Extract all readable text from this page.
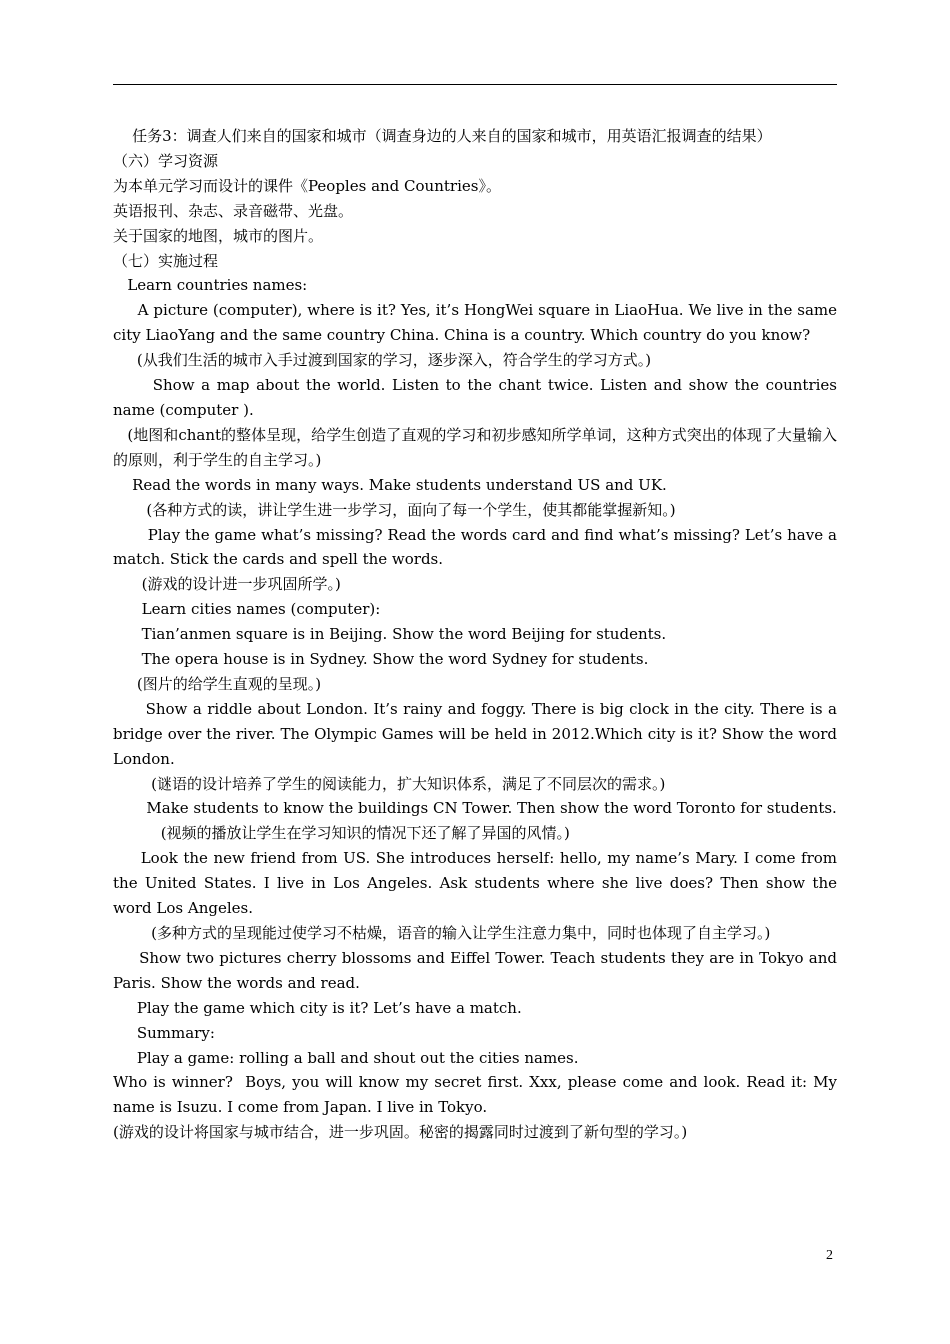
任务3：调查人们来自的国家和城市（调查身边的人来自的国家和城市，用英语汇报调查的结果）

（六）学习资源

为本单元学习而设计的课件《Peoples and Countries》。

英语报刊、杂志、录音磁带、光盘。

关于国家的地图，城市的图片。

（七）实施过程

Learn countries names:

A picture (computer), where is it? Yes, it’s HongWei square in LiaoHua. We live in the same city LiaoYang and the same country China. China is a country. Which country do you know?

(从我们生活的城市入手过渡到国家的学习，逐步深入，符合学生的学习方式。)

Show a map about the world. Listen to the chant twice. Listen and show the countries name (computer ).

(地图和chant的整体呈现，给学生创造了直观的学习和初步感知所学单词，这种方式突出的体现了大量输入的原则，利于学生的自主学习。)

Read the words in many ways. Make students understand US and UK.

(各种方式的读，讲让学生进一步学习，面向了每一个学生，使其都能掌握新知。)

Play the game what’s missing? Read the words card and find what’s missing? Let’s have a match. Stick the cards and spell the words.

(游戏的设计进一步巩固所学。)

Learn cities names (computer):

Tian’anmen square is in Beijing. Show the word Beijing for students.

The opera house is in Sydney. Show the word Sydney for students.

(图片的给学生直观的呈现。)

Show a riddle about London. It’s rainy and foggy. There is big clock in the city. There is a bridge over the river. The Olympic Games will be held in 2012.Which city is it? Show the word London.

(谜语的设计培养了学生的阅读能力，扩大知识体系，满足了不同层次的需求。)

Make students to know the buildings CN Tower. Then show the word Toronto for students.

(视频的播放让学生在学习知识的情况下还了解了异国的风情。)

Look the new friend from US. She introduces herself: hello, my name’s Mary. I come from the United States. I live in Los Angeles. Ask students where she live does? Then show the word Los Angeles.

(多种方式的呈现能过使学习不枯燥，语音的输入让学生注意力集中，同时也体现了自主学习。)

Show two pictures cherry blossoms and Eiffel Tower. Teach students they are in Tokyo and Paris. Show the words and read.

Play the game which city is it? Let’s have a match.

Summary:

Play a game: rolling a ball and shout out the cities names.

Who is winner?  Boys, you will know my secret first. Xxx, please come and look. Read it: My name is Isuzu. I come from Japan. I live in Tokyo.

(游戏的设计将国家与城市结合，进一步巩固。秘密的揭露同时过渡到了新句型的学习。)

2
